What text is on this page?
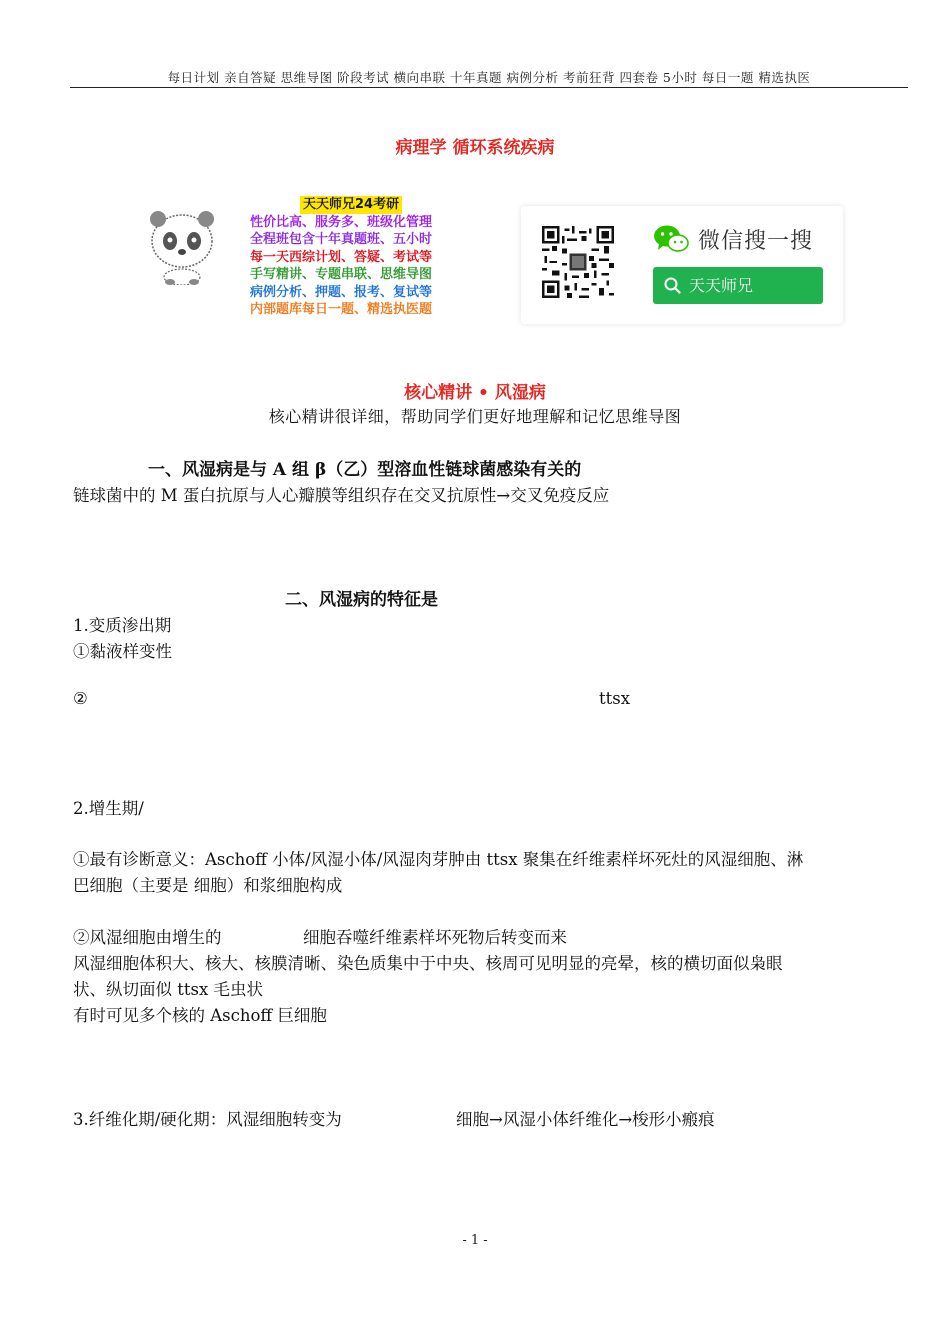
每日计划 亲自答疑 思维导图 阶段考试 横向串联 十年真题 病例分析 考前狂背 四套卷 5小时 每日一题 精选执医
病理学 循环系统疾病
天天师兄24考研
性价比高、服务多、班级化管理
全程班包含十年真题班、五小时
每一天西综计划、答疑、考试等
手写精讲、专题串联、思维导图
病例分析、押题、报考、复试等
内部题库每日一题、精选执医题
微信搜一搜
天天师兄
核心精讲 • 风湿病
核心精讲很详细，帮助同学们更好地理解和记忆思维导图
一、风湿病是与 A 组 β（乙）型溶血性链球菌感染有关的
链球菌中的 M 蛋白抗原与人心瓣膜等组织存在交叉抗原性→交叉免疫反应
二、风湿病的特征是
1.变质渗出期
①黏液样变性
②	ttsx
2.增生期/
①最有诊断意义：Aschoff 小体/风湿小体/风湿肉芽肿由 ttsx 聚集在纤维素样坏死灶的风湿细胞、淋
巴细胞（主要是 细胞）和浆细胞构成
②风湿细胞由增生的	细胞吞噬纤维素样坏死物后转变而来
风湿细胞体积大、核大、核膜清晰、染色质集中于中央、核周可见明显的亮晕，核的横切面似枭眼
状、纵切面似 ttsx 毛虫状
有时可见多个核的 Aschoff 巨细胞
3.纤维化期/硬化期：风湿细胞转变为	细胞→风湿小体纤维化→梭形小瘢痕
- 1 -
